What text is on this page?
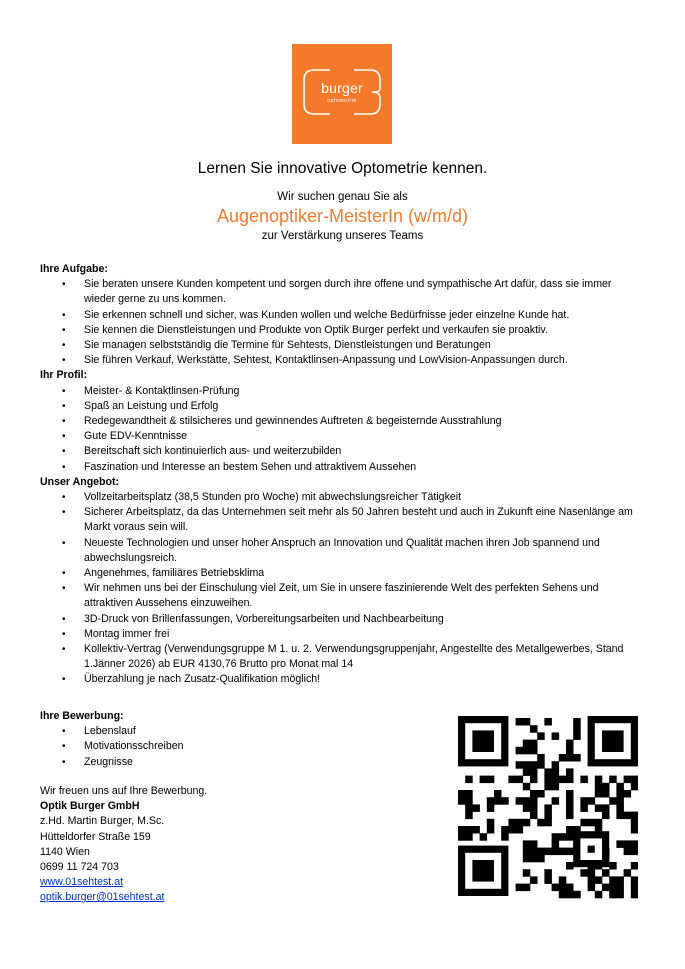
burger
optometrie
Lernen Sie innovative Optometrie kennen.
Wir suchen genau Sie als
Augenoptiker-MeisterIn (w/m/d)
zur Verstärkung unseres Teams
Ihre Aufgabe:
• Sie beraten unsere Kunden kompetent und sorgen durch ihre offene und sympathische Art dafür, dass sie immer wieder gerne zu uns kommen.
• Sie erkennen schnell und sicher, was Kunden wollen und welche Bedürfnisse jeder einzelne Kunde hat.
• Sie kennen die Dienstleistungen und Produkte von Optik Burger perfekt und verkaufen sie proaktiv.
• Sie managen selbstständig die Termine für Sehtests, Dienstleistungen und Beratungen
• Sie führen Verkauf, Werkstätte, Sehtest, Kontaktlinsen-Anpassung und LowVision-Anpassungen durch.
Ihr Profil:
• Meister- & Kontaktlinsen-Prüfung
• Spaß an Leistung und Erfolg
• Redegewandtheit & stilsicheres und gewinnendes Auftreten & begeisternde Ausstrahlung
• Gute EDV-Kenntnisse
• Bereitschaft sich kontinuierlich aus- und weiterzubilden
• Faszination und Interesse an bestem Sehen und attraktivem Aussehen
Unser Angebot:
• Vollzeitarbeitsplatz (38,5 Stunden pro Woche) mit abwechslungsreicher Tätigkeit
• Sicherer Arbeitsplatz, da das Unternehmen seit mehr als 50 Jahren besteht und auch in Zukunft eine Nasenlänge am Markt voraus sein will.
• Neueste Technologien und unser hoher Anspruch an Innovation und Qualität machen ihren Job spannend und abwechslungsreich.
• Angenehmes, familiäres Betriebsklima
• Wir nehmen uns bei der Einschulung viel Zeit, um Sie in unsere faszinierende Welt des perfekten Sehens und attraktiven Aussehens einzuweihen.
• 3D-Druck von Brillenfassungen, Vorbereitungsarbeiten und Nachbearbeitung
• Montag immer frei
• Kollektiv-Vertrag (Verwendungsgruppe M 1. u. 2. Verwendungsgruppenjahr, Angestellte des Metallgewerbes, Stand 1.Jänner 2026) ab EUR 4130,76 Brutto pro Monat mal 14
• Überzahlung je nach Zusatz-Qualifikation möglich!
Ihre Bewerbung:
• Lebenslauf
• Motivationsschreiben
• Zeugnisse
Wir freuen uns auf Ihre Bewerbung.
Optik Burger GmbH
z.Hd. Martin Burger, M.Sc.
Hütteldorfer Straße 159
1140 Wien
0699 11 724 703
www.01sehtest.at
optik.burger@01sehtest.at
